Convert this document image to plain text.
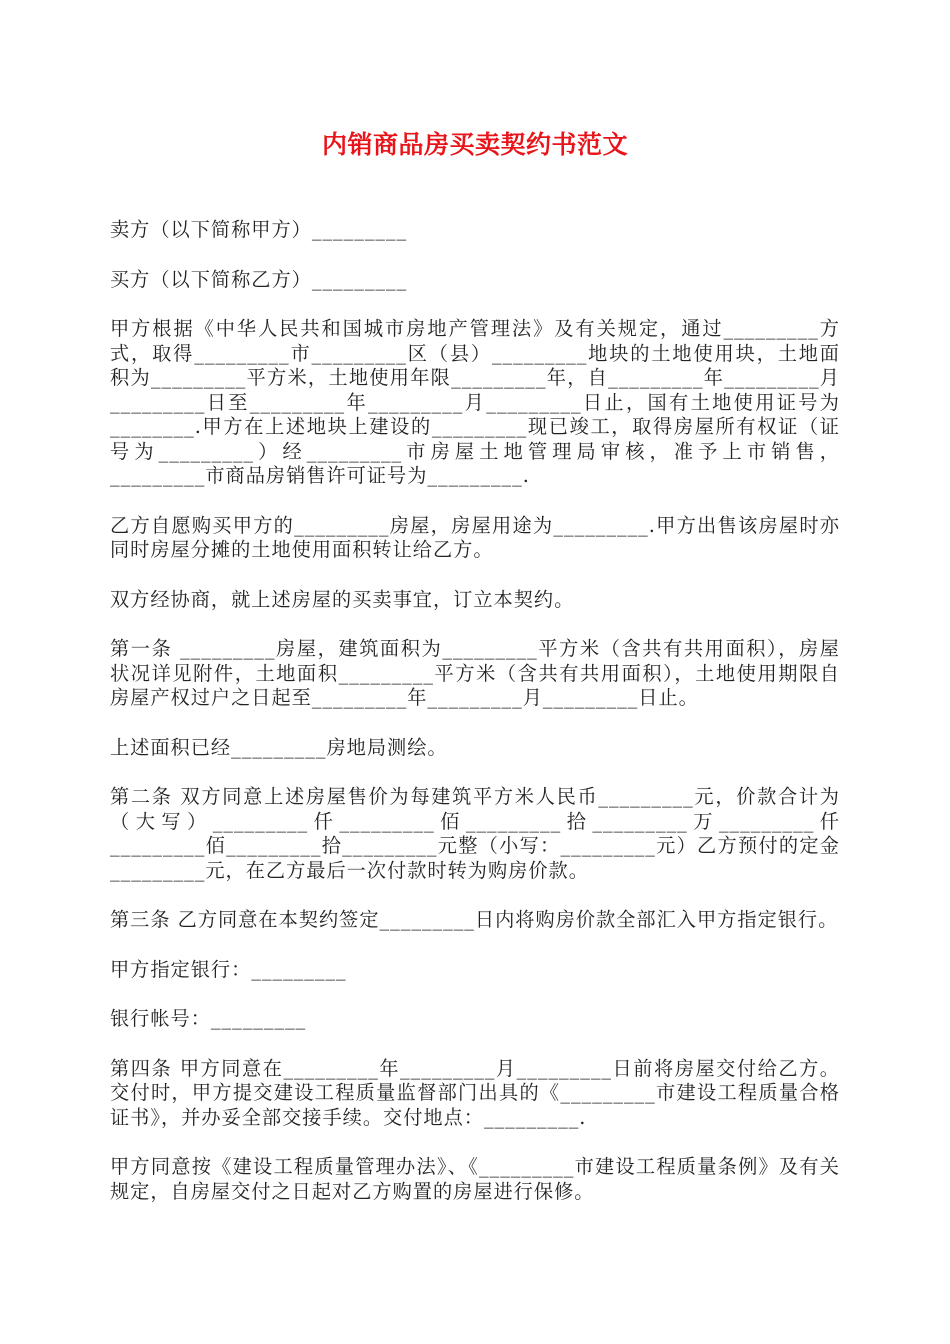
内销商品房买卖契约书范文

卖方（以下简称甲方）_________

买方（以下简称乙方）_________

甲方根据《中华人民共和国城市房地产管理法》及有关规定，通过_________方式，取得_________市_________区（县）_________地块的土地使用块，土地面积为_________平方米，土地使用年限_________年，自_________年_________月_________日至_________年_________月_________日止，国有土地使用证号为________.甲方在上述地块上建设的_________现已竣工，取得房屋所有权证（证号为_________）经_________市房屋土地管理局审核，准予上市销售，_________市商品房销售许可证号为_________.

乙方自愿购买甲方的_________房屋，房屋用途为_________.甲方出售该房屋时亦同时房屋分摊的土地使用面积转让给乙方。

双方经协商，就上述房屋的买卖事宜，订立本契约。

第一条 _________房屋，建筑面积为_________平方米（含共有共用面积），房屋状况详见附件，土地面积_________平方米（含共有共用面积），土地使用期限自房屋产权过户之日起至_________年_________月_________日止。

上述面积已经_________房地局测绘。

第二条 双方同意上述房屋售价为每建筑平方米人民币_________元，价款合计为（大写）_________仟_________佰_________拾_________万_________仟_________佰_________拾_________元整（小写：_________元）乙方预付的定金_________元，在乙方最后一次付款时转为购房价款。

第三条 乙方同意在本契约签定_________日内将购房价款全部汇入甲方指定银行。

甲方指定银行：_________

银行帐号：_________

第四条 甲方同意在_________年_________月_________日前将房屋交付给乙方。交付时，甲方提交建设工程质量监督部门出具的《_________市建设工程质量合格证书》，并办妥全部交接手续。交付地点：_________.

甲方同意按《建设工程质量管理办法》、《_________市建设工程质量条例》及有关规定，自房屋交付之日起对乙方购置的房屋进行保修。
